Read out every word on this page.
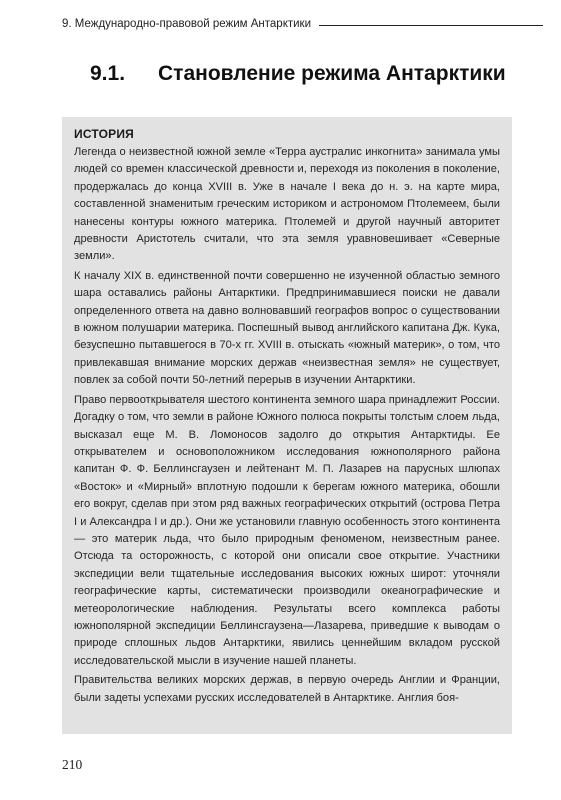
9. Международно-правовой режим Антарктики
9.1.	Становление режима Антарктики
ИСТОРИЯ

Легенда о неизвестной южной земле «Терра аустралис инкогнита» занимала умы людей со времен классической древности и, переходя из поколения в поколение, продержалась до конца XVIII в. Уже в начале I века до н. э. на карте мира, составленной знаменитым греческим историком и астрономом Птолемеем, были нанесены контуры южного материка. Птолемей и другой научный авторитет древности Аристотель считали, что эта земля уравновешивает «Северные земли».

К началу XIX в. единственной почти совершенно не изученной областью земного шара оставались районы Антарктики. Предпринимавшиеся поиски не давали определенного ответа на давно волновавший географов вопрос о существовании в южном полушарии материка. Поспешный вывод английского капитана Дж. Кука, безуспешно пытавшегося в 70-х гг. XVIII в. отыскать «южный материк», о том, что привлекавшая внимание морских держав «неизвестная земля» не существует, повлек за собой почти 50-летний перерыв в изучении Антарктики.

Право первооткрывателя шестого континента земного шара принадлежит России. Догадку о том, что земли в районе Южного полюса покрыты толстым слоем льда, высказал еще М. В. Ломоносов задолго до открытия Антарктиды. Ее открывателем и основоположником исследования южнополярного района капитан Ф. Ф. Беллинсгаузен и лейтенант М. П. Лазарев на парусных шлюпах «Восток» и «Мирный» вплотную подошли к берегам южного материка, обошли его вокруг, сделав при этом ряд важных географических открытий (острова Петра I и Александра I и др.). Они же установили главную особенность этого континента — это материк льда, что было природным феноменом, неизвестным ранее. Отсюда та осторожность, с которой они описали свое открытие. Участники экспедиции вели тщательные исследования высоких южных широт: уточняли географические карты, систематически производили океанографические и метеорологические наблюдения. Результаты всего комплекса работы южнополярной экспедиции Беллинсгаузена—Лазарева, приведшие к выводам о природе сплошных льдов Антарктики, явились ценнейшим вкладом русской исследовательской мысли в изучение нашей планеты.

Правительства великих морских держав, в первую очередь Англии и Франции, были задеты успехами русских исследователей в Антарктике. Англия боя-

210
